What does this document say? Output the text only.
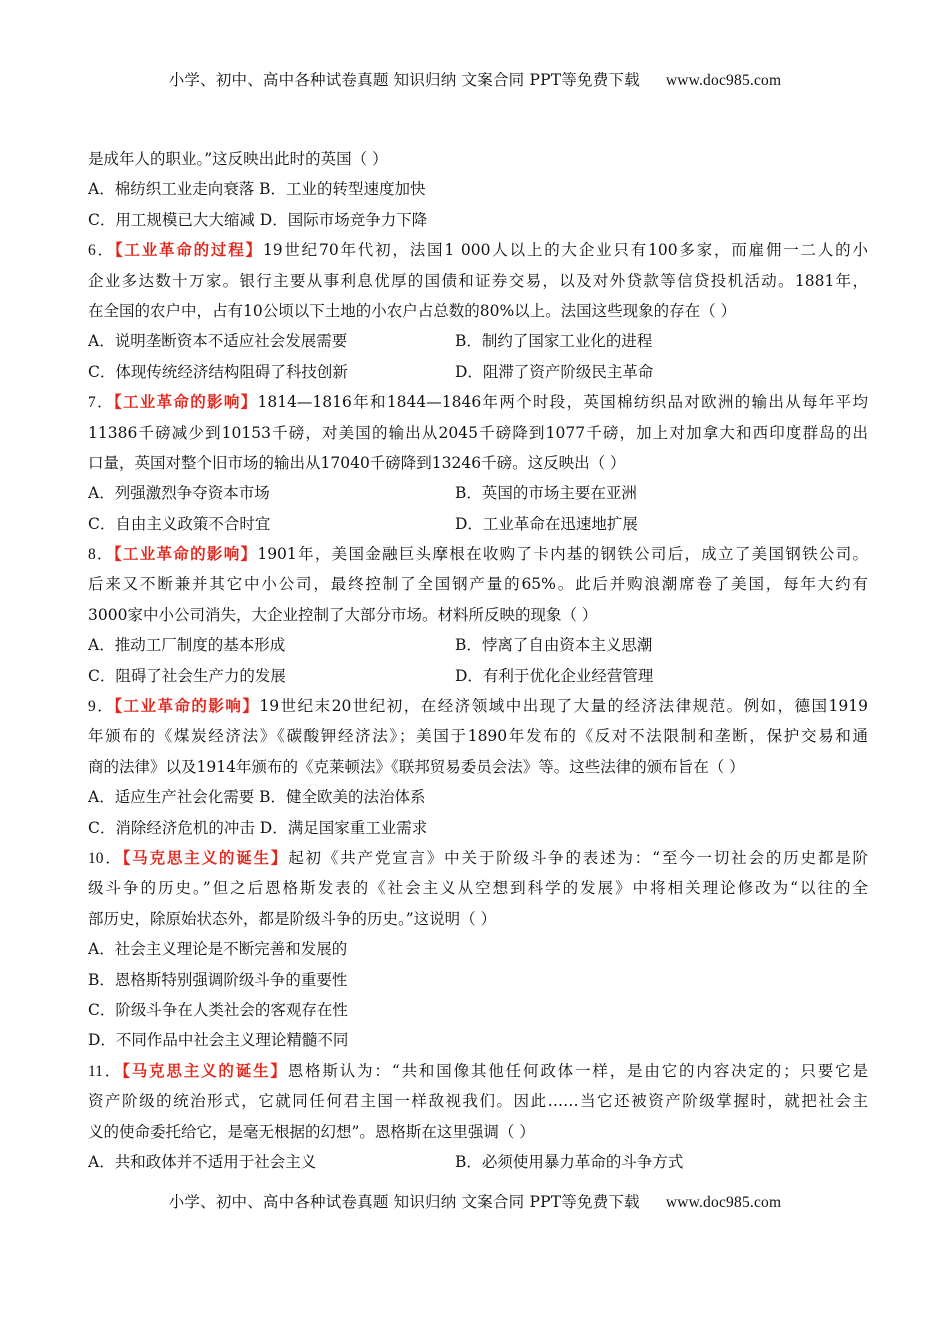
小学、初中、高中各种试卷真题 知识归纳 文案合同 PPT等免费下载 www.doc985.com
是成年人的职业。”这反映出此时的英国（ ）
A．棉纺织工业走向衰落 B．工业的转型速度加快
C．用工规模已大大缩减 D．国际市场竞争力下降
6．【工业革命的过程】19世纪70年代初，法国1 000人以上的大企业只有100多家，而雇佣一二人的小
企业多达数十万家。银行主要从事利息优厚的国债和证券交易，以及对外贷款等信贷投机活动。1881年，
在全国的农户中，占有10公顷以下土地的小农户占总数的80%以上。法国这些现象的存在（ ）
A．说明垄断资本不适应社会发展需要	B．制约了国家工业化的进程
C．体现传统经济结构阻碍了科技创新	D．阻滞了资产阶级民主革命
7．【工业革命的影响】1814—1816年和1844—1846年两个时段，英国棉纺织品对欧洲的输出从每年平均
11386千磅减少到10153千磅，对美国的输出从2045千磅降到1077千磅，加上对加拿大和西印度群岛的出
口量，英国对整个旧市场的输出从17040千磅降到13246千磅。这反映出（ ）
A．列强激烈争夺资本市场	B．英国的市场主要在亚洲
C．自由主义政策不合时宜	D．工业革命在迅速地扩展
8．【工业革命的影响】1901年，美国金融巨头摩根在收购了卡内基的钢铁公司后，成立了美国钢铁公司。
后来又不断兼并其它中小公司，最终控制了全国钢产量的65%。此后并购浪潮席卷了美国，每年大约有
3000家中小公司消失，大企业控制了大部分市场。材料所反映的现象（ ）
A．推动工厂制度的基本形成	B．悖离了自由资本主义思潮
C．阻碍了社会生产力的发展	D．有利于优化企业经营管理
9．【工业革命的影响】19世纪末20世纪初，在经济领域中出现了大量的经济法律规范。例如，德国1919
年颁布的《煤炭经济法》《碳酸钾经济法》；美国于1890年发布的《反对不法限制和垄断，保护交易和通
商的法律》以及1914年颁布的《克莱顿法》《联邦贸易委员会法》等。这些法律的颁布旨在（ ）
A．适应生产社会化需要 B．健全欧美的法治体系
C．消除经济危机的冲击 D．满足国家重工业需求
10．【马克思主义的诞生】起初《共产党宣言》中关于阶级斗争的表述为：“至今一切社会的历史都是阶
级斗争的历史。”但之后恩格斯发表的《社会主义从空想到科学的发展》中将相关理论修改为“以往的全
部历史，除原始状态外，都是阶级斗争的历史。”这说明（ ）
A．社会主义理论是不断完善和发展的
B．恩格斯特别强调阶级斗争的重要性
C．阶级斗争在人类社会的客观存在性
D．不同作品中社会主义理论精髓不同
11．【马克思主义的诞生】恩格斯认为：“共和国像其他任何政体一样，是由它的内容决定的；只要它是
资产阶级的统治形式，它就同任何君主国一样敌视我们。因此……当它还被资产阶级掌握时，就把社会主
义的使命委托给它，是毫无根据的幻想”。恩格斯在这里强调（ ）
A．共和政体并不适用于社会主义	B．必须使用暴力革命的斗争方式
小学、初中、高中各种试卷真题 知识归纳 文案合同 PPT等免费下载 www.doc985.com
